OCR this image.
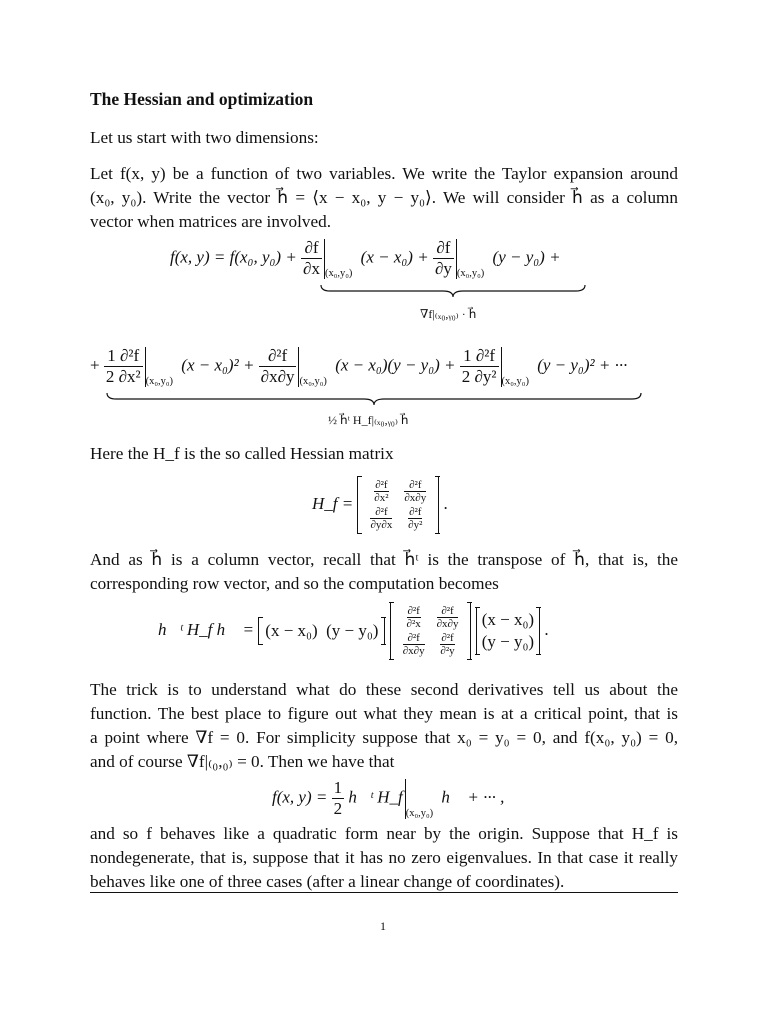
The Hessian and optimization
Let us start with two dimensions:
Let f(x, y) be a function of two variables. We write the Taylor expansion around
(x₀, y₀). Write the vector h⃗ = ⟨x − x₀, y − y₀⟩. We will consider h⃗ as a column
vector when matrices are involved.
f(x, y) = f(x₀, $y_0) + \frac{\partial f}{\partial x} _{(x_0,y_0)}$ $(x - x_0) + \frac{\partial f}{\partial y} _{(x_0,y_0)}$ (y − y₀) +
∇f|₍ₓ₀,ᵧ₀₎ · h⃗
+ $\frac{\text{1 ∂²f}}{\text{2 ∂x²}} _{(x_0,y_0)}$ $(x - x_0)^2 + \frac{\text{∂²f}}{\partial x\partial y} _{(x_0,y_0)}$ $(x - x_0)(y - y_0) + \frac{\text{1 ∂²f}}{\text{2 ∂y²}} _{(x_0,y_0)}$ (y − y₀)² + ···
½ h⃗ᵗ H_f|₍ₓ₀,ᵧ₀₎ h⃗
Here the H_f is the so called Hessian matrix
H_f = $\frac{\text{∂²f}}{\text{∂x²}}$	$\frac{\text{∂²f}}{\partial x\partial y}$

$\frac{\text{∂²f}}{\partial y\partial x}$	$\frac{\text{∂²f}}{\text{∂y²}}$
.
And as h⃗ is a column vector, recall that h⃗ᵗ is the transpose of h⃗, that is, the
corresponding row vector, and so the computation becomes
h⃗ᵗ H_f h⃗ = (x − x₀) (y − y₀)
$\frac{\text{∂²f}}{\text{∂²x}}$	$\frac{\text{∂²f}}{\partial x\partial y}$

$\frac{\text{∂²f}}{\partial x\partial y}$	$\frac{\text{∂²f}}{\text{∂²y}}$

(x − x₀)
(y − y₀)
.
The trick is to understand what do these second derivatives tell us about the
function. The best place to figure out what they mean is at a critical point, that is
a point where ∇f = 0. For simplicity suppose that x₀ = y₀ = 0, and f(x₀, y₀) = 0,
and of course ∇f|₍₀,₀₎ = 0. Then we have that
f(x, $y) = \frac{1}{2}$ h⃗ᵗ $H\_f_{(x_0,y_0)}$ h⃗ + ··· ,
and so f behaves like a quadratic form near by the origin. Suppose that H_f is
nondegenerate, that is, suppose that it has no zero eigenvalues. In that case it really
behaves like one of three cases (after a linear change of coordinates).
1
